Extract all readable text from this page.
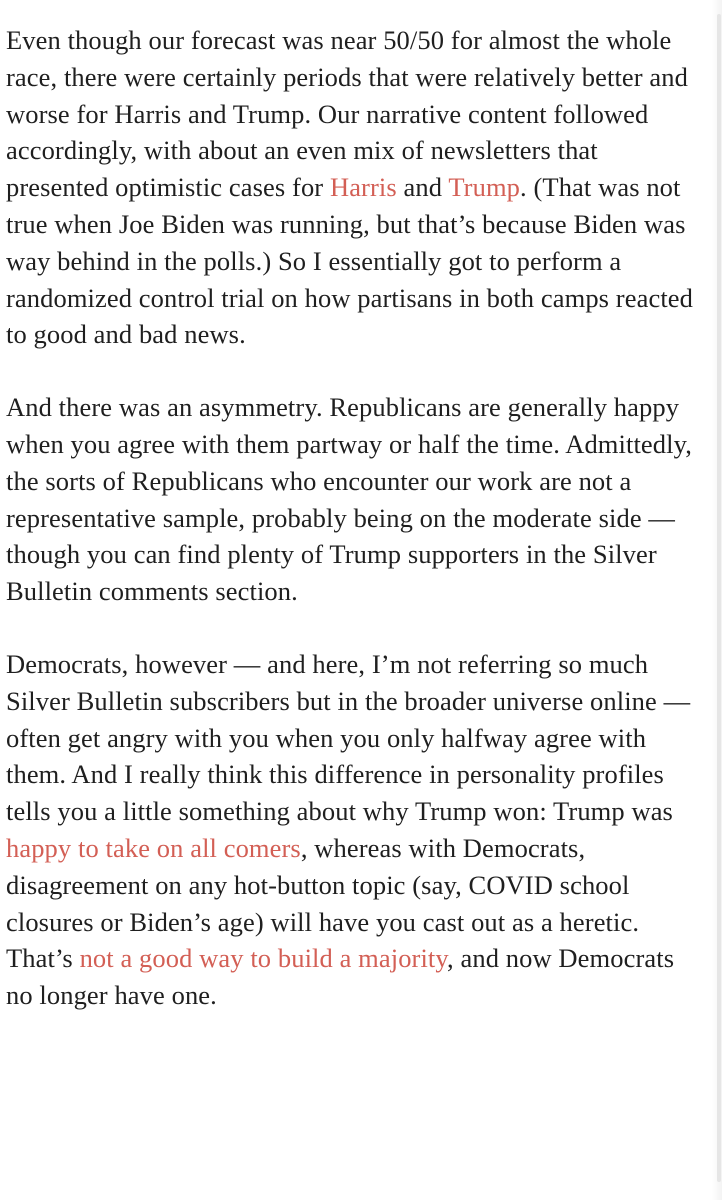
Even though our forecast was near 50/50 for almost the whole race, there were certainly periods that were relatively better and worse for Harris and Trump. Our narrative content followed accordingly, with about an even mix of newsletters that presented optimistic cases for Harris and Trump. (That was not true when Joe Biden was running, but that’s because Biden was way behind in the polls.) So I essentially got to perform a randomized control trial on how partisans in both camps reacted to good and bad news.

And there was an asymmetry. Republicans are generally happy when you agree with them partway or half the time. Admittedly, the sorts of Republicans who encounter our work are not a representative sample, probably being on the moderate side — though you can find plenty of Trump supporters in the Silver Bulletin comments section.

Democrats, however — and here, I’m not referring so much Silver Bulletin subscribers but in the broader universe online — often get angry with you when you only halfway agree with them. And I really think this difference in personality profiles tells you a little something about why Trump won: Trump was happy to take on all comers, whereas with Democrats, disagreement on any hot-button topic (say, COVID school closures or Biden’s age) will have you cast out as a heretic. That’s not a good way to build a majority, and now Democrats no longer have one.
